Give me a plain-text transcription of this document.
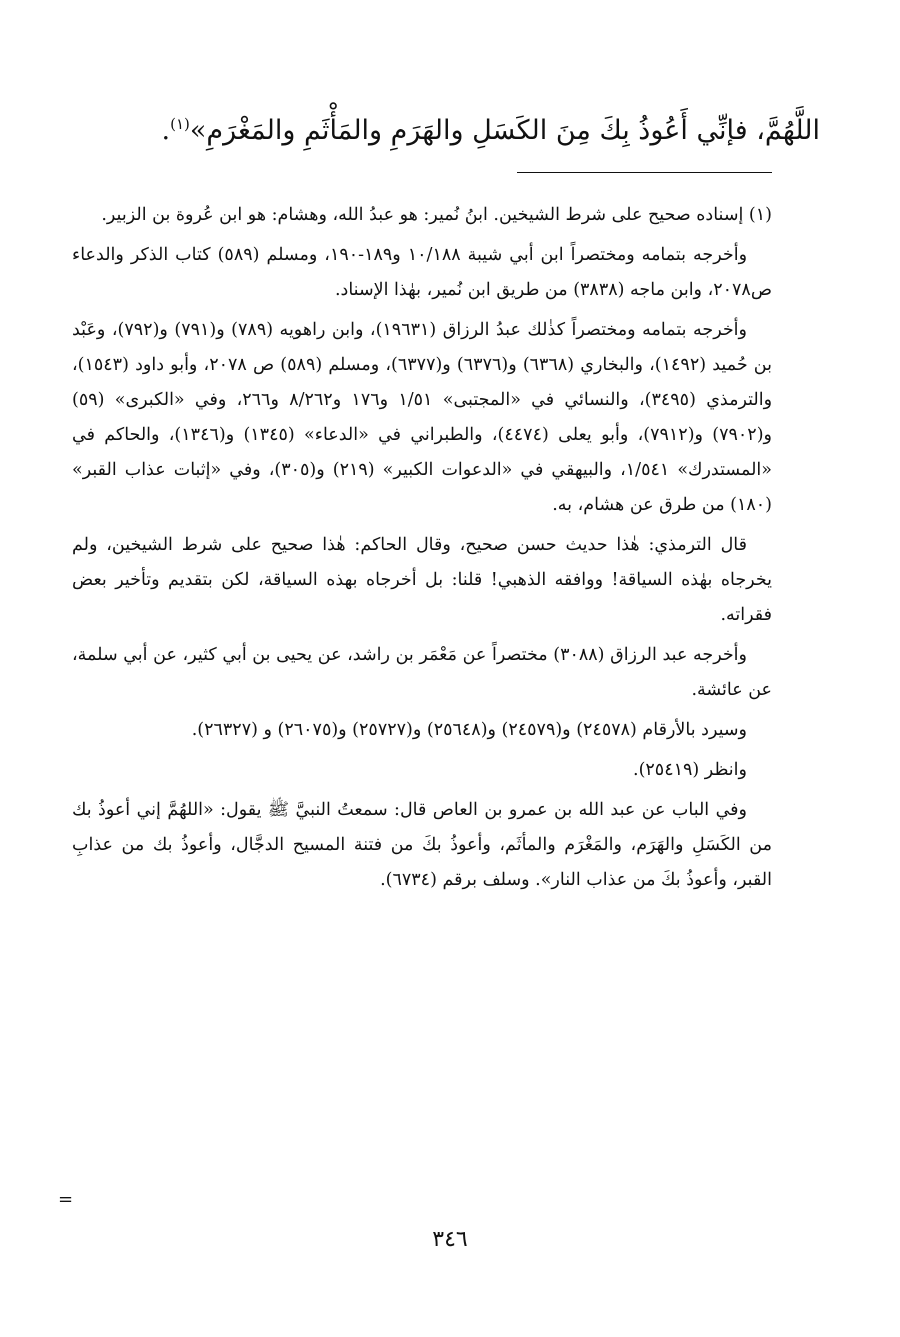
اللَّهُمَّ، فإنِّي أَعُوذُ بِكَ مِنَ الكَسَلِ والهَرَمِ والمَأْثَمِ والمَغْرَمِ»$^{(١)}$.

(١) إسناده صحيح على شرط الشيخين. ابنُ نُمير: هو عبدُ الله، وهشام: هو ابن عُروة بن الزبير.

وأخرجه بتمامه ومختصراً ابن أبي شيبة ١٠/١٨٨ و١٨٩-١٩٠، ومسلم (٥٨٩) كتاب الذكر والدعاء ص٢٠٧٨، وابن ماجه (٣٨٣٨) من طريق ابن نُمير، بهٰذا الإسناد.

وأخرجه بتمامه ومختصراً كذٰلك عبدُ الرزاق (١٩٦٣١)، وابن راهويه (٧٨٩) و(٧٩١) و(٧٩٢)، وعَبْد بن حُميد (١٤٩٢)، والبخاري (٦٣٦٨) و(٦٣٧٦) و(٦٣٧٧)، ومسلم (٥٨٩) ص ٢٠٧٨، وأبو داود (١٥٤٣)، والترمذي (٣٤٩٥)، والنسائي في «المجتبى» ١/٥١ و١٧٦ و٨/٢٦٢ و٢٦٦، وفي «الكبرى» (٥٩) و(٧٩٠٢) و(٧٩١٢)، وأبو يعلى (٤٤٧٤)، والطبراني في «الدعاء» (١٣٤٥) و(١٣٤٦)، والحاكم في «المستدرك» ١/٥٤١، والبيهقي في «الدعوات الكبير» (٢١٩) و(٣٠٥)، وفي «إثبات عذاب القبر» (١٨٠) من طرق عن هشام، به.

قال الترمذي: هٰذا حديث حسن صحيح، وقال الحاكم: هٰذا صحيح على شرط الشيخين، ولم يخرجاه بهٰذه السياقة! ووافقه الذهبي! قلنا: بل أخرجاه بهذه السياقة، لكن بتقديم وتأخير بعض فقراته.

وأخرجه عبد الرزاق (٣٠٨٨) مختصراً عن مَعْمَر بن راشد، عن يحيى بن أبي كثير، عن أبي سلمة، عن عائشة.

وسيرد بالأرقام (٢٤٥٧٨) و(٢٤٥٧٩) و(٢٥٦٤٨) و(٢٥٧٢٧) و(٢٦٠٧٥) و (٢٦٣٢٧).

وانظر (٢٥٤١٩).

وفي الباب عن عبد الله بن عمرو بن العاص قال: سمعتُ النبيَّ ﷺ يقول: «اللهُمَّ إني أعوذُ بك من الكَسَلِ والهَرَم، والمَغْرَم والمأثَم، وأعوذُ بكَ من فتنة المسيح الدجَّال، وأعوذُ بك من عذابِ القبر، وأعوذُ بكَ من عذاب النار». وسلف برقم (٦٧٣٤).

=
٣٤٦
